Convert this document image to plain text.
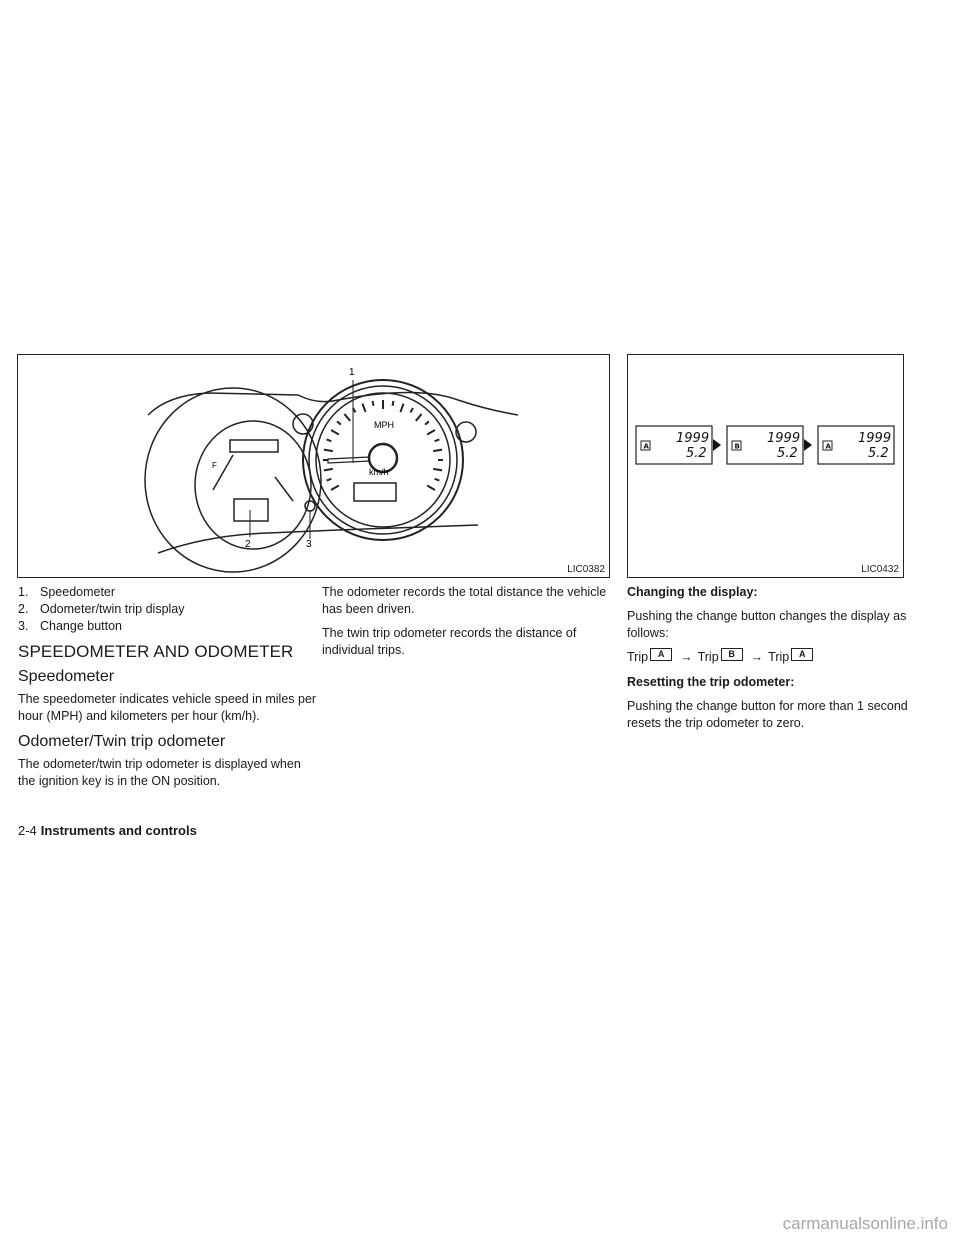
MPH
km/h
F
1
2	3
LIC0382
A	B	A
1999	1999	1999
5.2	5.2	5.2
LIC0432
1. Speedometer
2. Odometer/twin trip display
3. Change button
SPEEDOMETER AND ODOMETER
Speedometer

The speedometer indicates vehicle speed in miles per hour (MPH) and kilometers per hour (km/h).

Odometer/Twin trip odometer

The odometer/twin trip odometer is displayed when the ignition key is in the ON position.

The odometer records the total distance the vehicle has been driven.

The twin trip odometer records the distance of individual trips.

Changing the display:

Pushing the change button changes the display as follows:

Trip	A	→ Trip	B	→ Trip	A

Resetting the trip odometer:

Pushing the change button for more than 1 second resets the trip odometer to zero.

2-4 Instruments and controls
carmanualsonline.info
